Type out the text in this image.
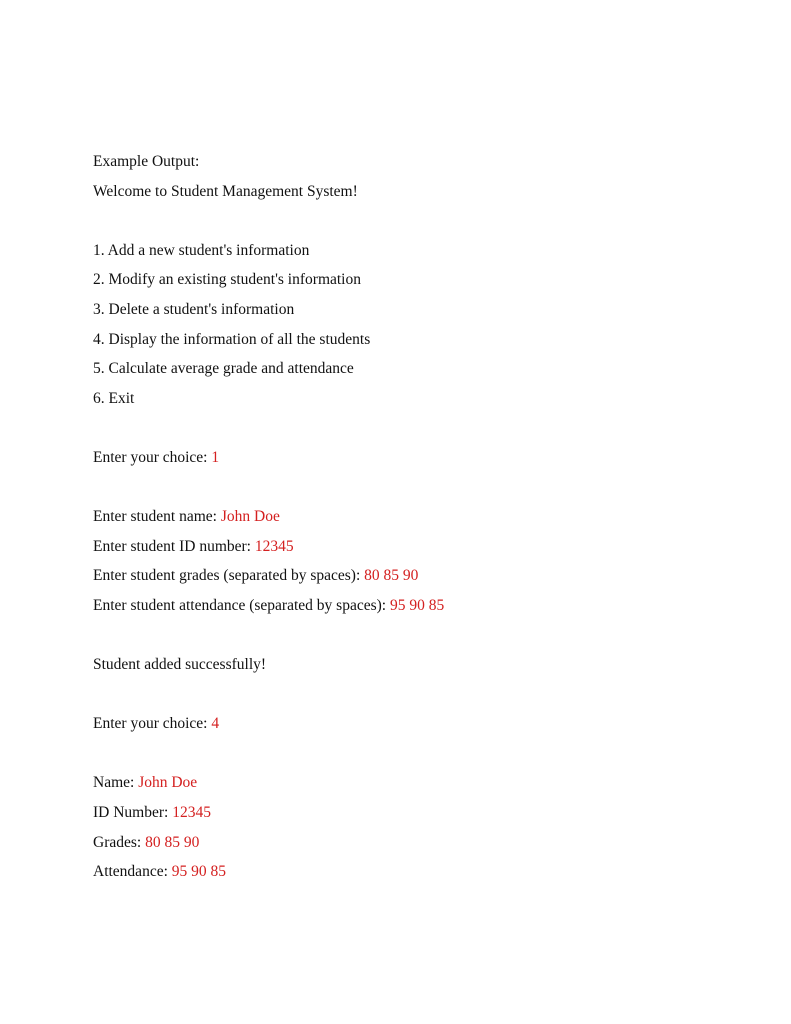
Example Output:
Welcome to Student Management System!
1. Add a new student's information
2. Modify an existing student's information
3. Delete a student's information
4. Display the information of all the students
5. Calculate average grade and attendance
6. Exit
Enter your choice: 1
Enter student name: John Doe
Enter student ID number: 12345
Enter student grades (separated by spaces): 80 85 90
Enter student attendance (separated by spaces): 95 90 85
Student added successfully!
Enter your choice: 4
Name: John Doe
ID Number: 12345
Grades: 80 85 90
Attendance: 95 90 85
